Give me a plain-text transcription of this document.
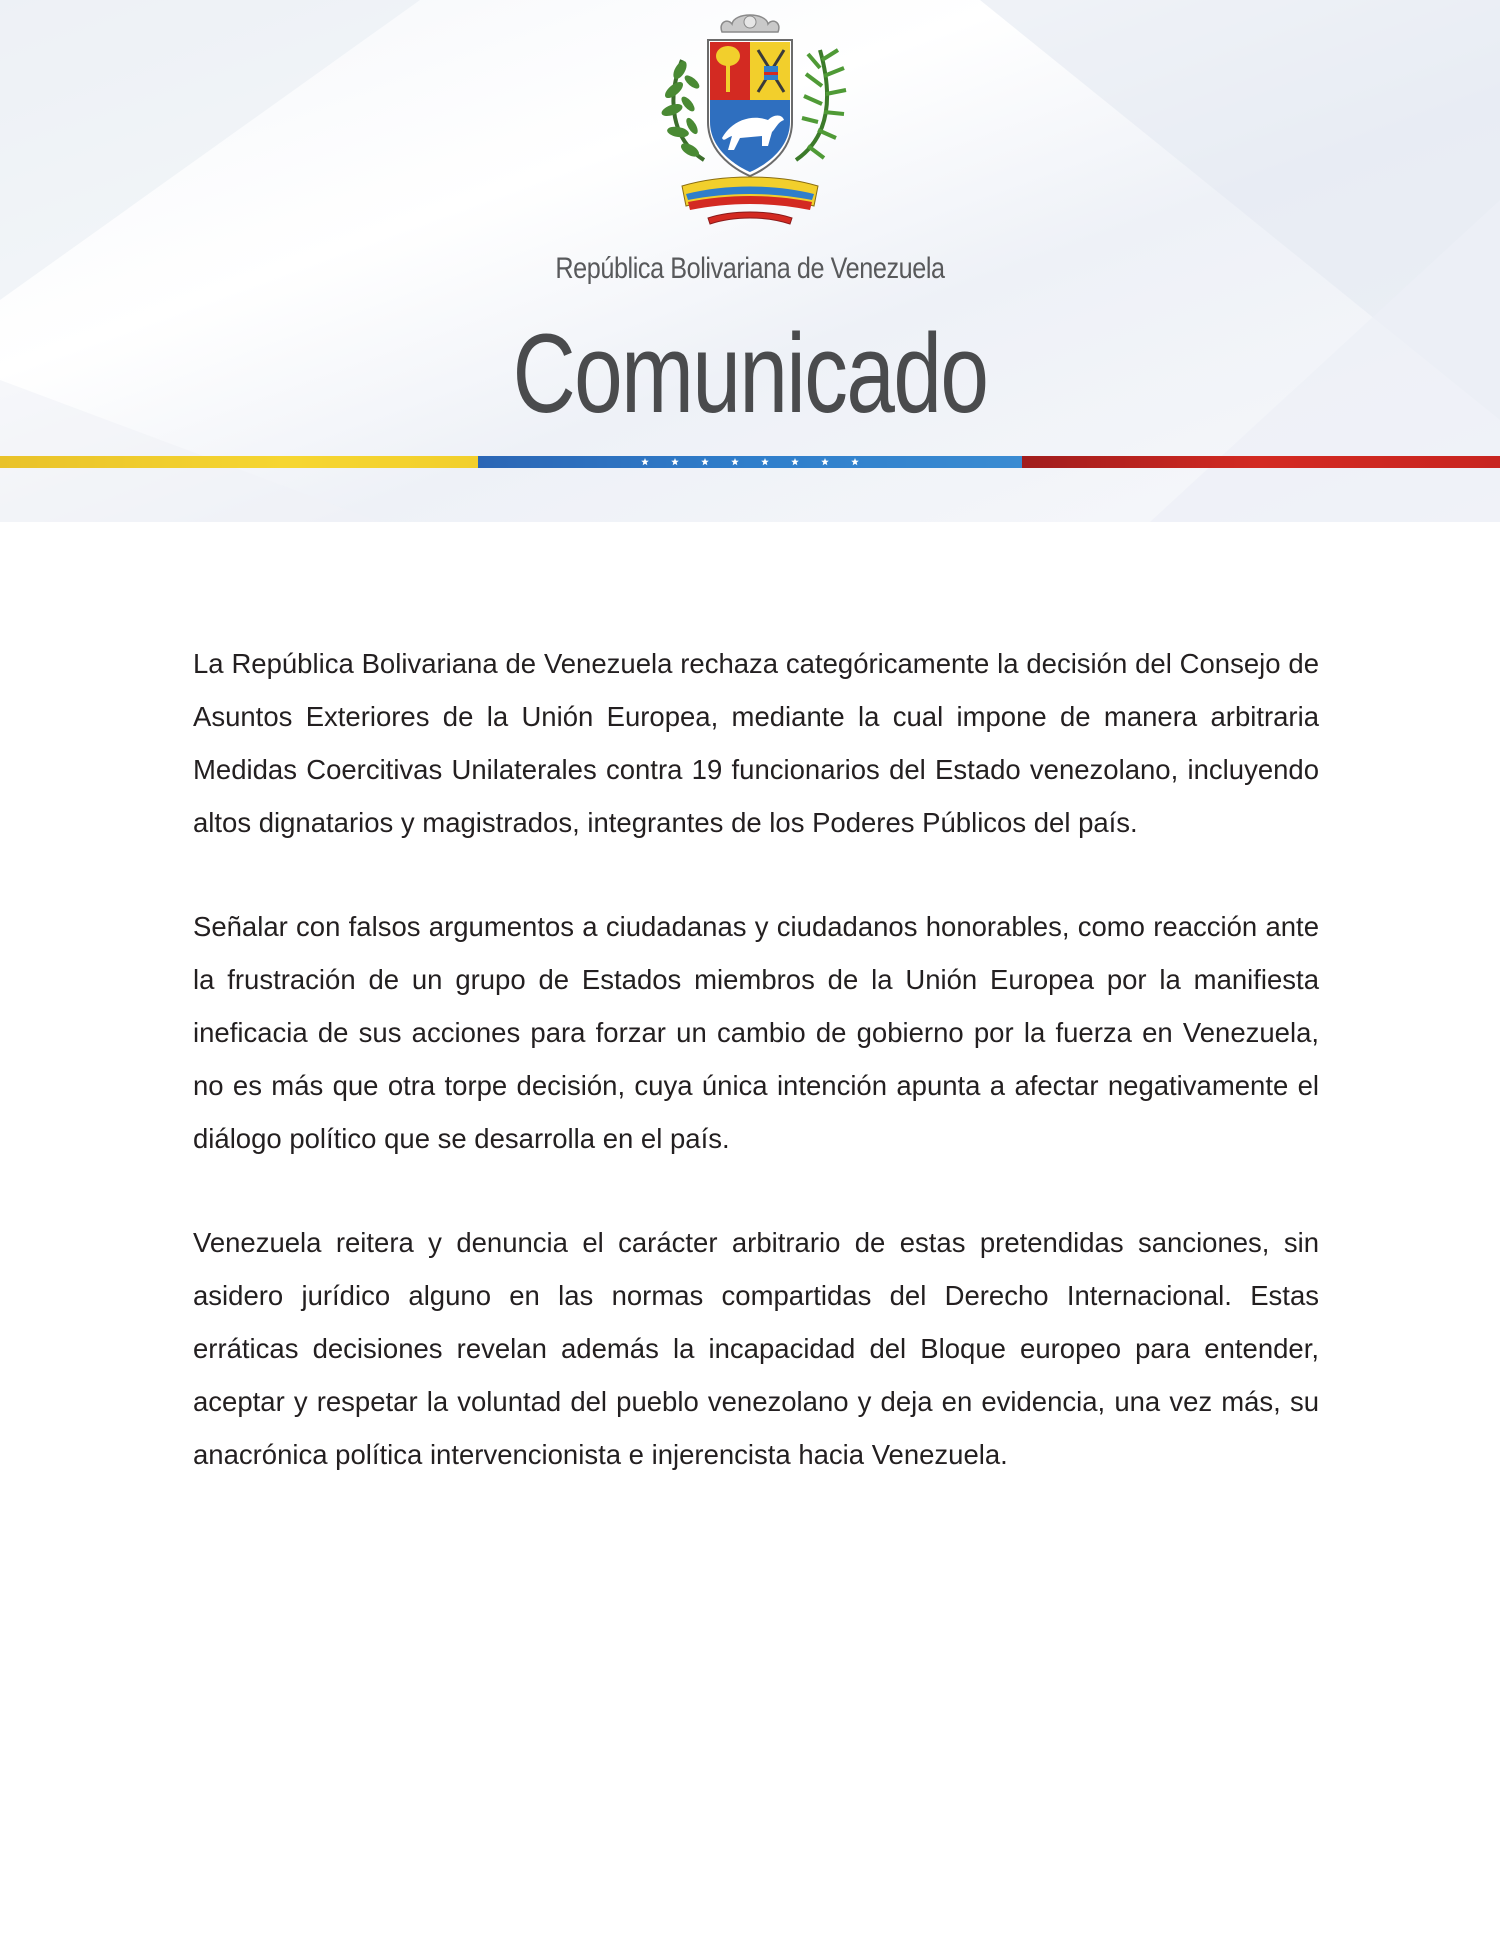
República Bolivariana de Venezuela
Comunicado

La República Bolivariana de Venezuela rechaza categóricamente la decisión del Consejo de Asuntos Exteriores de la Unión Europea, mediante la cual impone de manera arbitraria Medidas Coercitivas Unilaterales contra 19 funcionarios del Estado venezolano, incluyendo altos dignatarios y magistrados, integrantes de los Poderes Públicos del país.

Señalar con falsos argumentos a ciudadanas y ciudadanos honorables, como reacción ante la frustración de un grupo de Estados miembros de la Unión Europea por la manifiesta ineficacia de sus acciones para forzar un cambio de gobierno por la fuerza en Venezuela, no es más que otra torpe decisión, cuya única intención apunta a afectar negativamente el diálogo político que se desarrolla en el país.

Venezuela reitera y denuncia el carácter arbitrario de estas pretendidas sanciones, sin asidero jurídico alguno en las normas compartidas del Derecho Internacional. Estas erráticas decisiones revelan además la incapacidad del Bloque europeo para entender, aceptar y respetar la voluntad del pueblo venezolano y deja en evidencia, una vez más, su anacrónica política intervencionista e injerencista hacia Venezuela.
